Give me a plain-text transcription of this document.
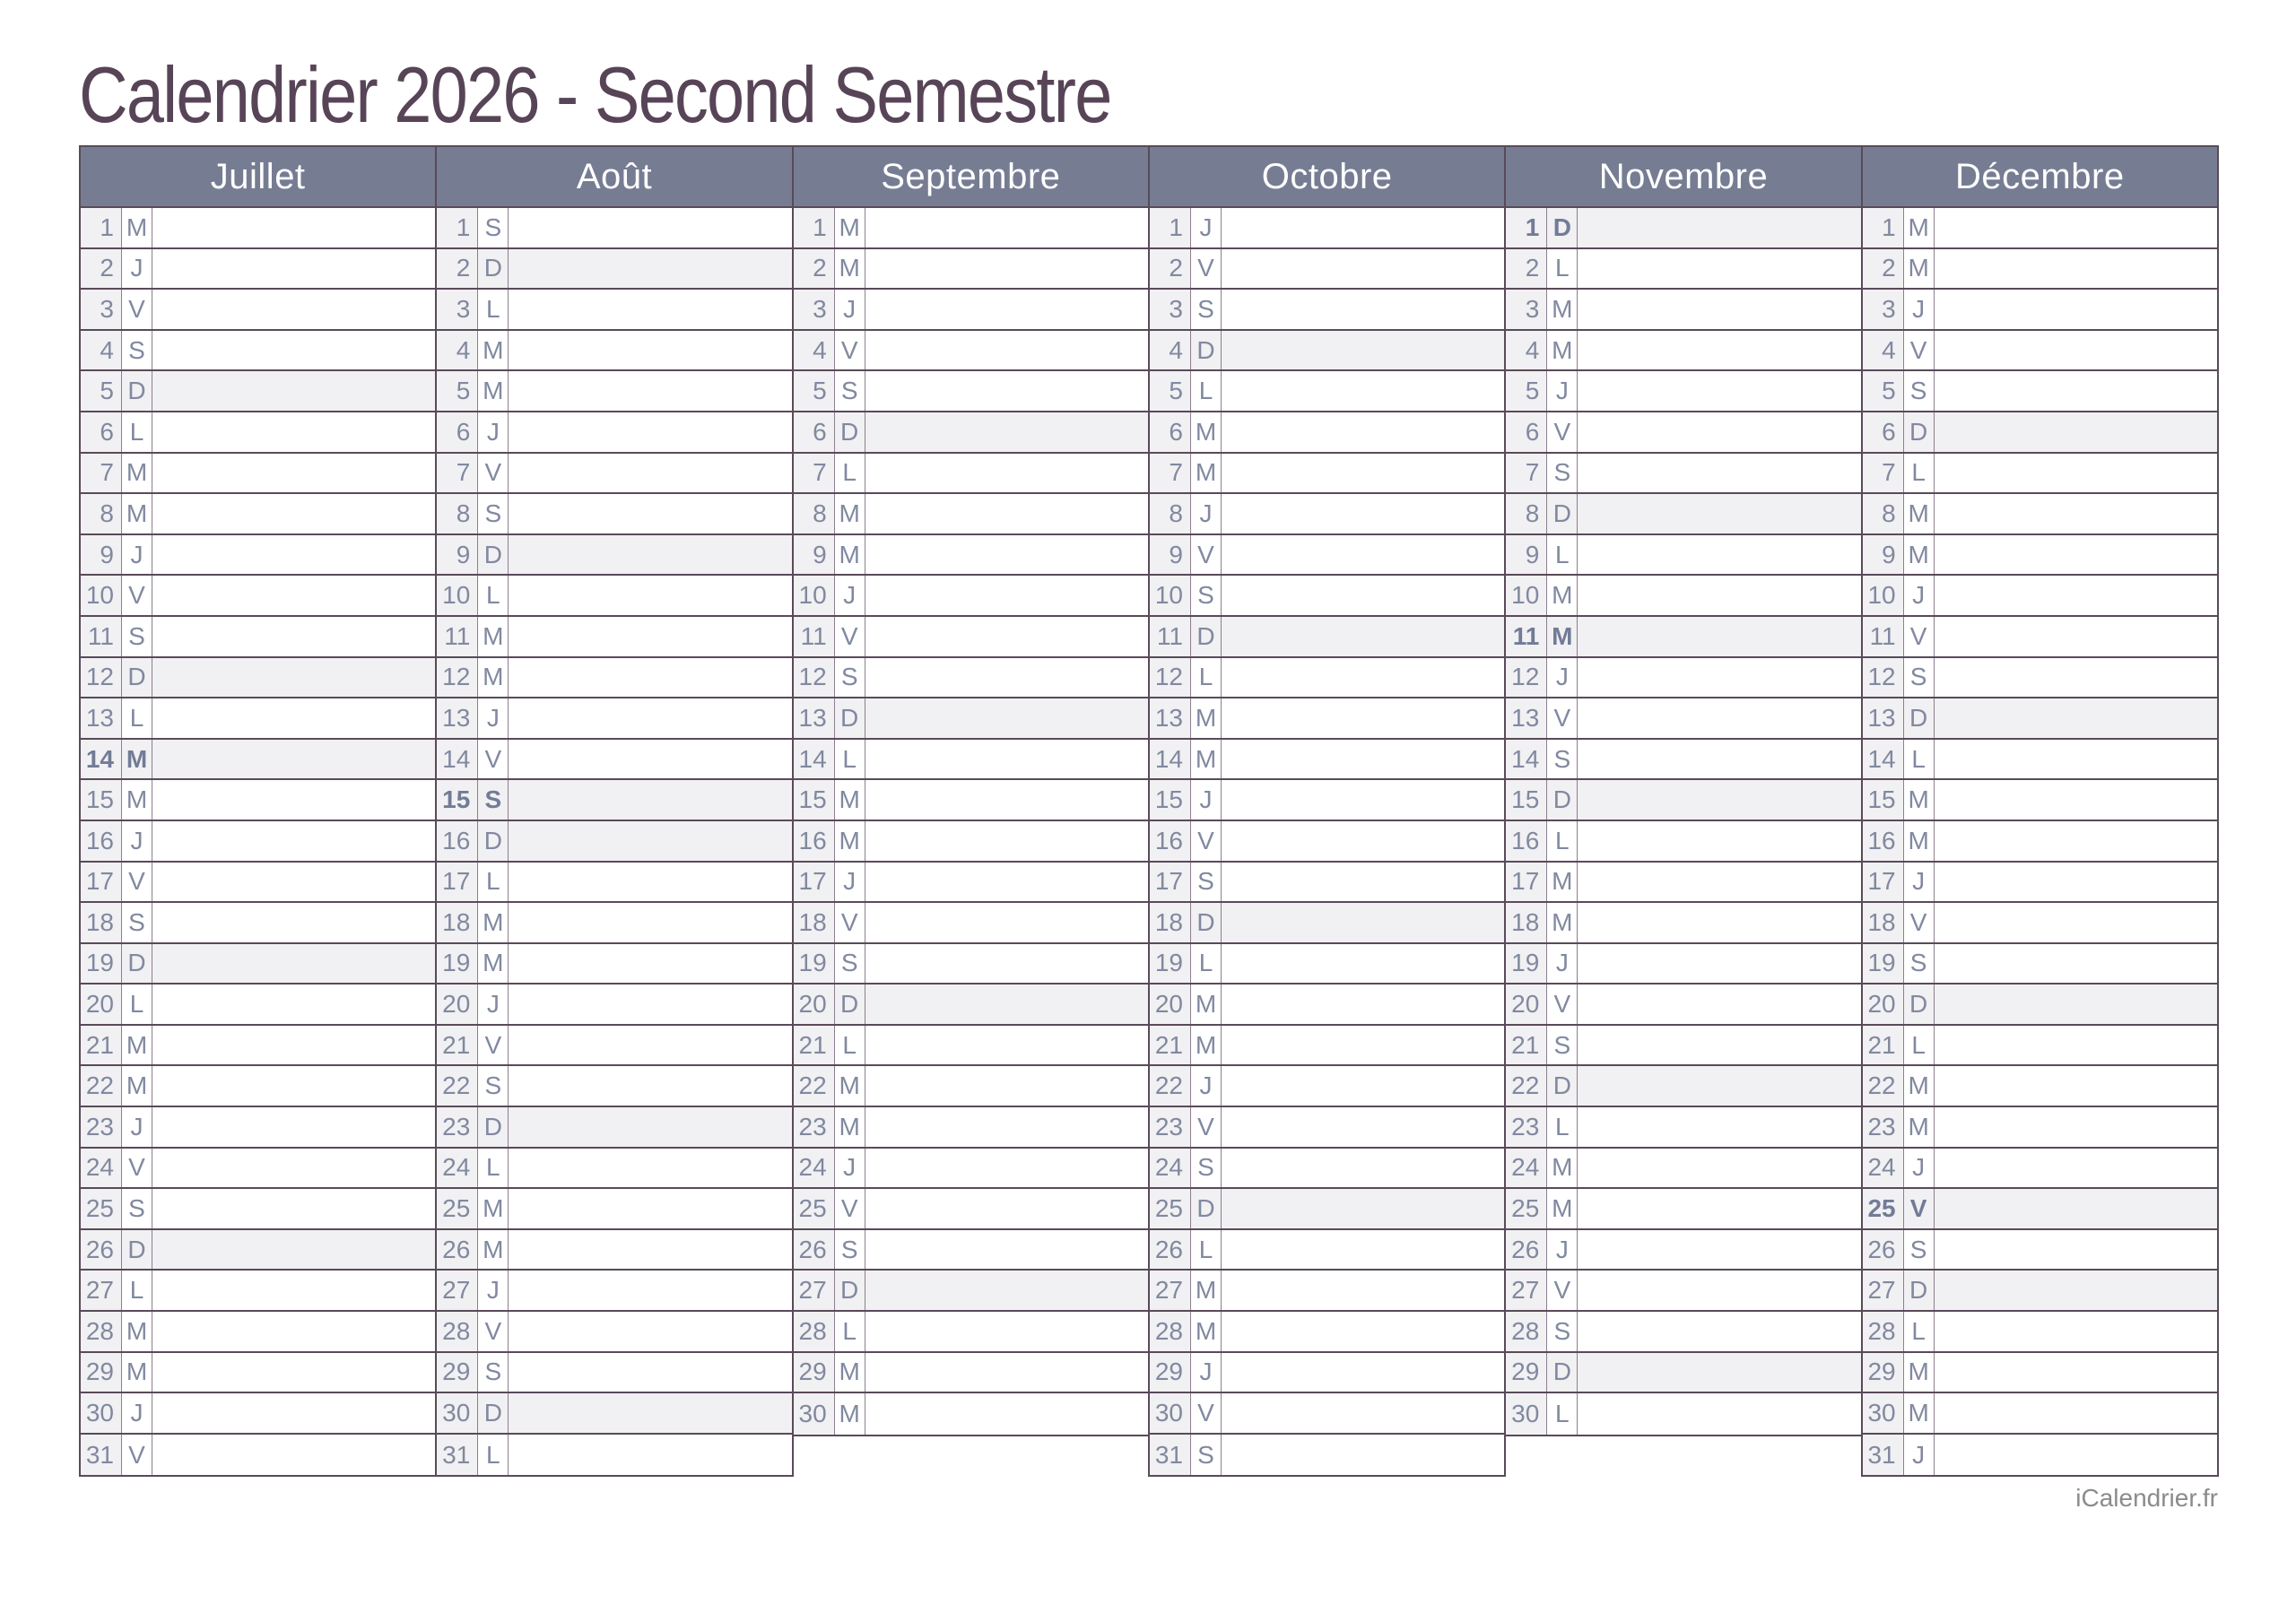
Calendrier 2026 - Second Semestre
Juillet
1 M
2 J
3 V
4 S
5 D
6 L
7 M
8 M
9 J
10 V
11 S
12 D
13 L
14 M
15 M
16 J
17 V
18 S
19 D
20 L
21 M
22 M
23 J
24 V
25 S
26 D
27 L
28 M
29 M
30 J
31 V
Août
1 S
2 D
3 L
4 M
5 M
6 J
7 V
8 S
9 D
10 L
11 M
12 M
13 J
14 V
15 S
16 D
17 L
18 M
19 M
20 J
21 V
22 S
23 D
24 L
25 M
26 M
27 J
28 V
29 S
30 D
31 L
Septembre
1 M
2 M
3 J
4 V
5 S
6 D
7 L
8 M
9 M
10 J
11 V
12 S
13 D
14 L
15 M
16 M
17 J
18 V
19 S
20 D
21 L
22 M
23 M
24 J
25 V
26 S
27 D
28 L
29 M
30 M
Octobre
1 J
2 V
3 S
4 D
5 L
6 M
7 M
8 J
9 V
10 S
11 D
12 L
13 M
14 M
15 J
16 V
17 S
18 D
19 L
20 M
21 M
22 J
23 V
24 S
25 D
26 L
27 M
28 M
29 J
30 V
31 S
Novembre
1 D
2 L
3 M
4 M
5 J
6 V
7 S
8 D
9 L
10 M
11 M
12 J
13 V
14 S
15 D
16 L
17 M
18 M
19 J
20 V
21 S
22 D
23 L
24 M
25 M
26 J
27 V
28 S
29 D
30 L
Décembre
1 M
2 M
3 J
4 V
5 S
6 D
7 L
8 M
9 M
10 J
11 V
12 S
13 D
14 L
15 M
16 M
17 J
18 V
19 S
20 D
21 L
22 M
23 M
24 J
25 V
26 S
27 D
28 L
29 M
30 M
31 J
iCalendrier.fr
